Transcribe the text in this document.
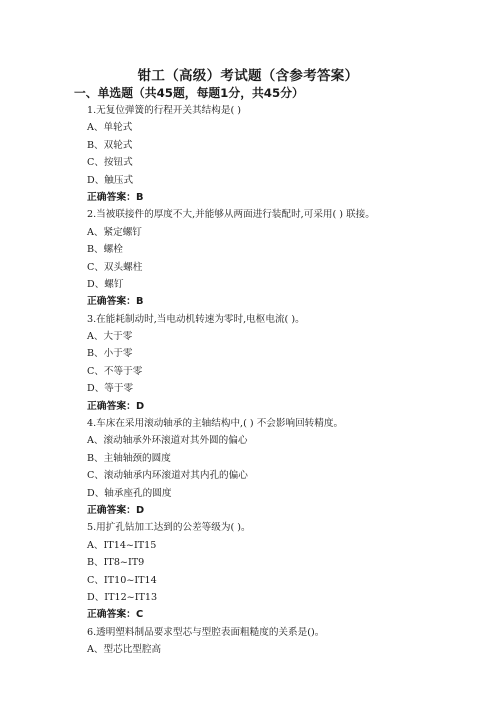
钳工（高级）考试题（含参考答案）
一、单选题（共45题，每题1分，共45分）
1.无复位弹簧的行程开关其结构是( )
A、单轮式
B、双轮式
C、按钮式
D、触压式
正确答案：B
2.当被联接件的厚度不大,并能够从两面进行装配时,可采用( ) 联接。
A、紧定螺钉
B、螺栓
C、双头螺柱
D、螺钉
正确答案：B
3.在能耗制动时,当电动机转速为零时,电枢电流( )。
A、大于零
B、小于零
C、不等于零
D、等于零
正确答案：D
4.车床在采用滚动轴承的主轴结构中,( ) 不会影响回转精度。
A、滚动轴承外环滚道对其外圆的偏心
B、主轴轴颈的圆度
C、滚动轴承内环滚道对其内孔的偏心
D、轴承座孔的圆度
正确答案：D
5.用扩孔钻加工达到的公差等级为( )。
A、IT14~IT15
B、IT8~IT9
C、IT10~IT14
D、IT12~IT13
正确答案：C
6.透明塑料制品要求型芯与型腔表面粗糙度的关系是()。
A、型芯比型腔高
